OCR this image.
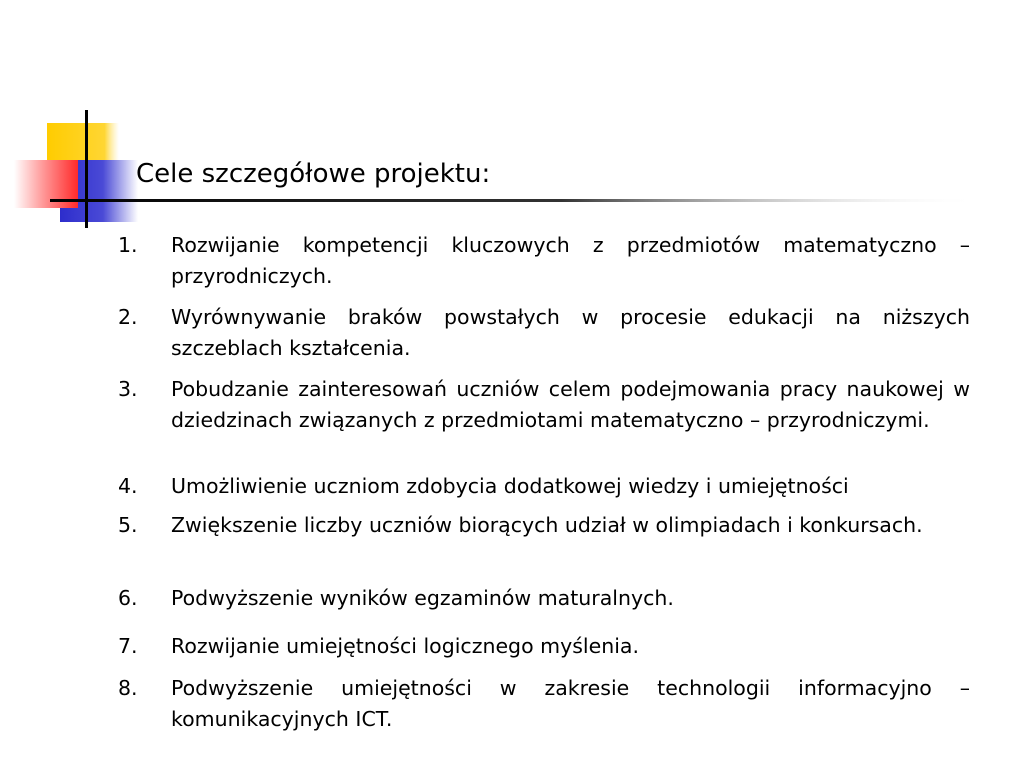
Cele szczegółowe projektu:
1.	Rozwijanie kompetencji kluczowych z przedmiotów matematyczno – przyrodniczych.
2.	Wyrównywanie braków powstałych w procesie edukacji na niższych szczeblach kształcenia.
3.	Pobudzanie zainteresowań uczniów celem podejmowania pracy naukowej w dziedzinach związanych z przedmiotami matematyczno – przyrodniczymi.
4.	Umożliwienie uczniom zdobycia dodatkowej wiedzy i umiejętności
5.	Zwiększenie liczby uczniów biorących udział w olimpiadach i konkursach.
6.	Podwyższenie wyników egzaminów maturalnych.
7.	Rozwijanie umiejętności logicznego myślenia.
8.	Podwyższenie umiejętności w zakresie technologii informacyjno – komunikacyjnych ICT.
